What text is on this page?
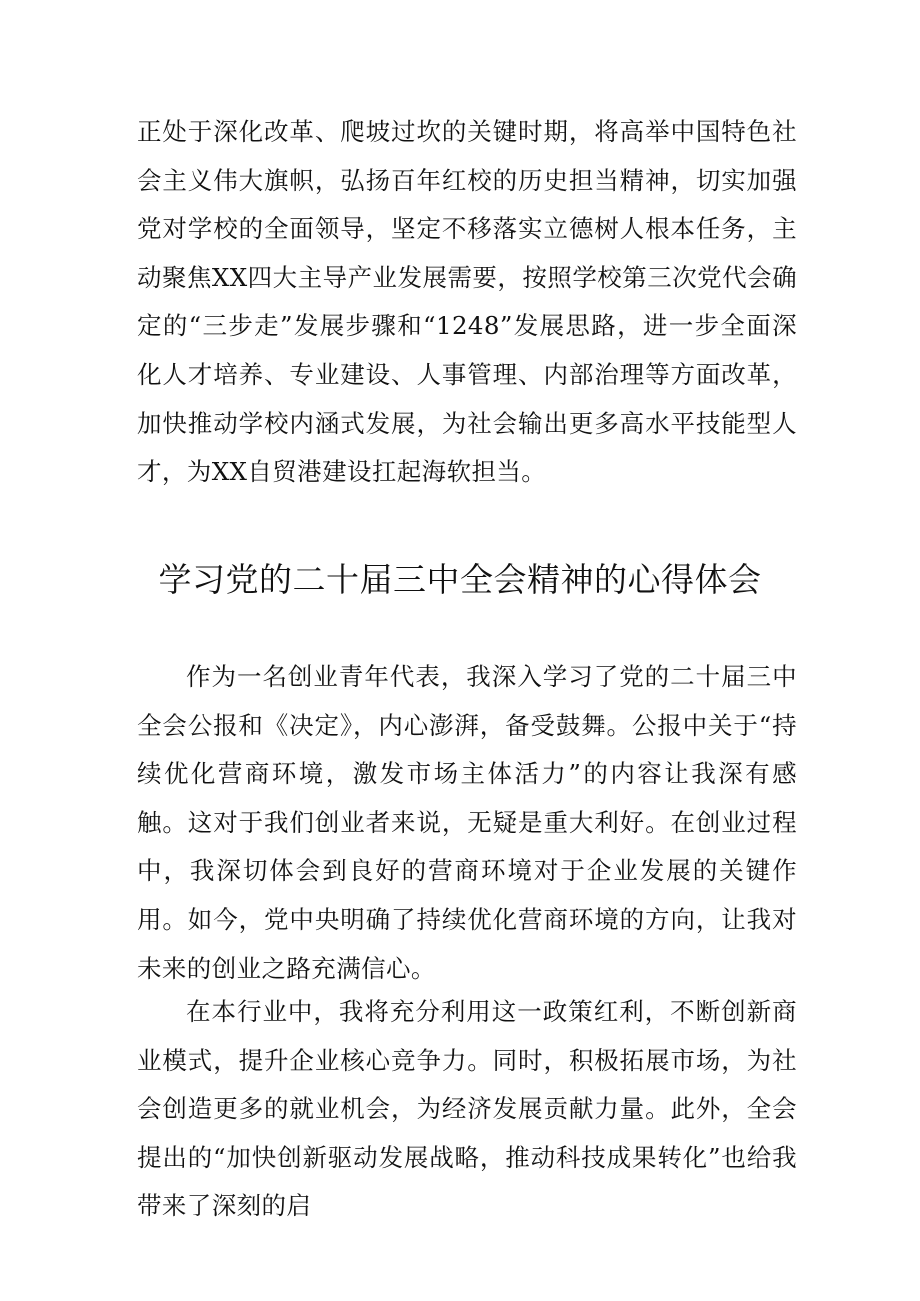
正处于深化改革、爬坡过坎的关键时期，将高举中国特色社会主义伟大旗帜，弘扬百年红校的历史担当精神，切实加强党对学校的全面领导，坚定不移落实立德树人根本任务，主动聚焦XX四大主导产业发展需要，按照学校第三次党代会确定的“三步走”发展步骤和“1248”发展思路，进一步全面深化人才培养、专业建设、人事管理、内部治理等方面改革，加快推动学校内涵式发展，为社会输出更多高水平技能型人才，为XX自贸港建设扛起海软担当。

学习党的二十届三中全会精神的心得体会

作为一名创业青年代表，我深入学习了党的二十届三中全会公报和《决定》，内心澎湃，备受鼓舞。公报中关于“持续优化营商环境，激发市场主体活力”的内容让我深有感触。这对于我们创业者来说，无疑是重大利好。在创业过程中，我深切体会到良好的营商环境对于企业发展的关键作用。如今，党中央明确了持续优化营商环境的方向，让我对未来的创业之路充满信心。

在本行业中，我将充分利用这一政策红利，不断创新商业模式，提升企业核心竞争力。同时，积极拓展市场，为社会创造更多的就业机会，为经济发展贡献力量。此外，全会提出的“加快创新驱动发展战略，推动科技成果转化”也给我带来了深刻的启
